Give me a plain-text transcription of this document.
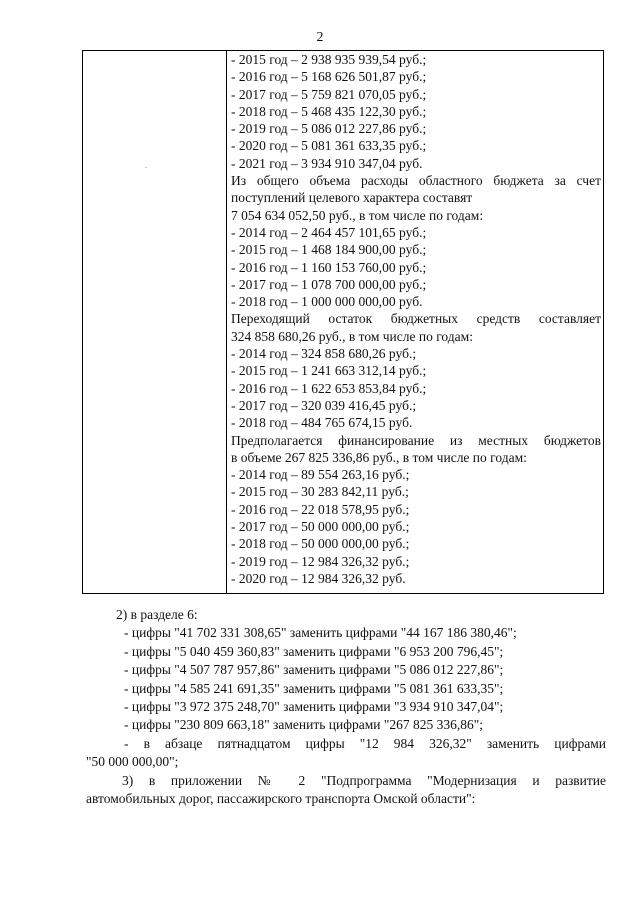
2
.
- 2015 год – 2 938 935 939,54 руб.;
- 2016 год – 5 168 626 501,87 руб.;
- 2017 год – 5 759 821 070,05 руб.;
- 2018 год – 5 468 435 122,30 руб.;
- 2019 год – 5 086 012 227,86 руб.;
- 2020 год – 5 081 361 633,35 руб.;
- 2021 год – 3 934 910 347,04 руб.
Из общего объема расходы областного бюджета за счет
поступлений целевого характера составят
7 054 634 052,50 руб., в том числе по годам:
- 2014 год – 2 464 457 101,65 руб.;
- 2015 год – 1 468 184 900,00 руб.;
- 2016 год – 1 160 153 760,00 руб.;
- 2017 год – 1 078 700 000,00 руб.;
- 2018 год – 1 000 000 000,00 руб.
Переходящий остаток бюджетных средств составляет
324 858 680,26 руб., в том числе по годам:
- 2014 год – 324 858 680,26 руб.;
- 2015 год – 1 241 663 312,14 руб.;
- 2016 год – 1 622 653 853,84 руб.;
- 2017 год – 320 039 416,45 руб.;
- 2018 год – 484 765 674,15 руб.
Предполагается финансирование из местных бюджетов
в объеме 267 825 336,86 руб., в том числе по годам:
- 2014 год – 89 554 263,16 руб.;
- 2015 год – 30 283 842,11 руб.;
- 2016 год – 22 018 578,95 руб.;
- 2017 год – 50 000 000,00 руб.;
- 2018 год – 50 000 000,00 руб.;
- 2019 год – 12 984 326,32 руб.;
- 2020 год – 12 984 326,32 руб.
2) в разделе 6:
- цифры "41 702 331 308,65" заменить цифрами "44 167 186 380,46";
- цифры "5 040 459 360,83" заменить цифрами "6 953 200 796,45";
- цифры "4 507 787 957,86" заменить цифрами "5 086 012 227,86";
- цифры "4 585 241 691,35" заменить цифрами "5 081 361 633,35";
- цифры "3 972 375 248,70" заменить цифрами "3 934 910 347,04";
- цифры "230 809 663,18" заменить цифрами "267 825 336,86";
- в абзаце пятнадцатом цифры "12 984 326,32" заменить цифрами
"50 000 000,00";
3) в приложении № 2 "Подпрограмма "Модернизация и развитие
автомобильных дорог, пассажирского транспорта Омской области":
